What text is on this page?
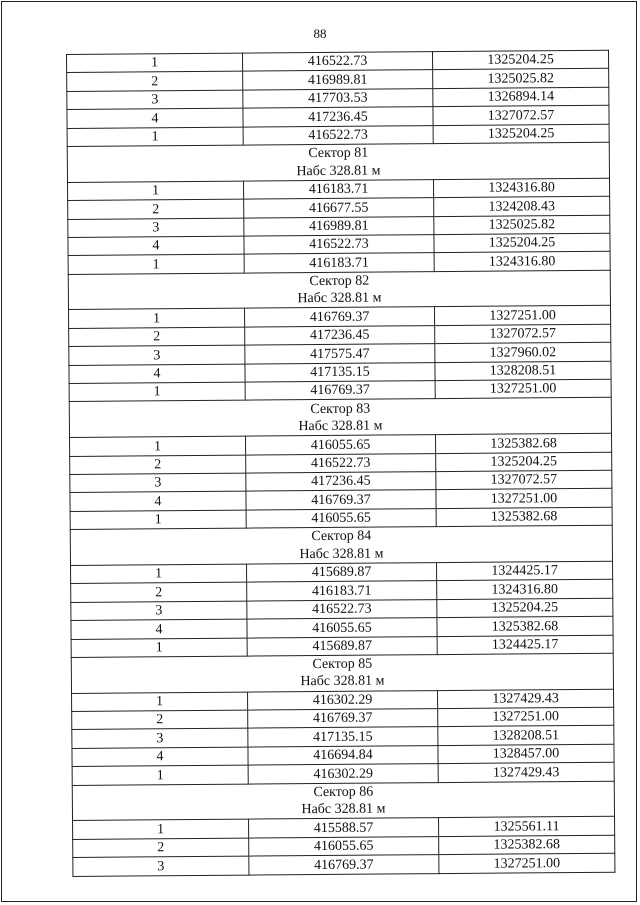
88
1	416522.73	1325204.25
2	416989.81	1325025.82
3	417703.53	1326894.14
4	417236.45	1327072.57
1	416522.73	1325204.25
Сектор 81		
Набс 328.81 м		
1	416183.71	1324316.80
2	416677.55	1324208.43
3	416989.81	1325025.82
4	416522.73	1325204.25
1	416183.71	1324316.80
Сектор 82		
Набс 328.81 м		
1	416769.37	1327251.00
2	417236.45	1327072.57
3	417575.47	1327960.02
4	417135.15	1328208.51
1	416769.37	1327251.00
Сектор 83		
Набс 328.81 м		
1	416055.65	1325382.68
2	416522.73	1325204.25
3	417236.45	1327072.57
4	416769.37	1327251.00
1	416055.65	1325382.68
Сектор 84		
Набс 328.81 м		
1	415689.87	1324425.17
2	416183.71	1324316.80
3	416522.73	1325204.25
4	416055.65	1325382.68
1	415689.87	1324425.17
Сектор 85		
Набс 328.81 м		
1	416302.29	1327429.43
2	416769.37	1327251.00
3	417135.15	1328208.51
4	416694.84	1328457.00
1	416302.29	1327429.43
Сектор 86		
Набс 328.81 м		
1	415588.57	1325561.11
2	416055.65	1325382.68
3	416769.37	1327251.00
